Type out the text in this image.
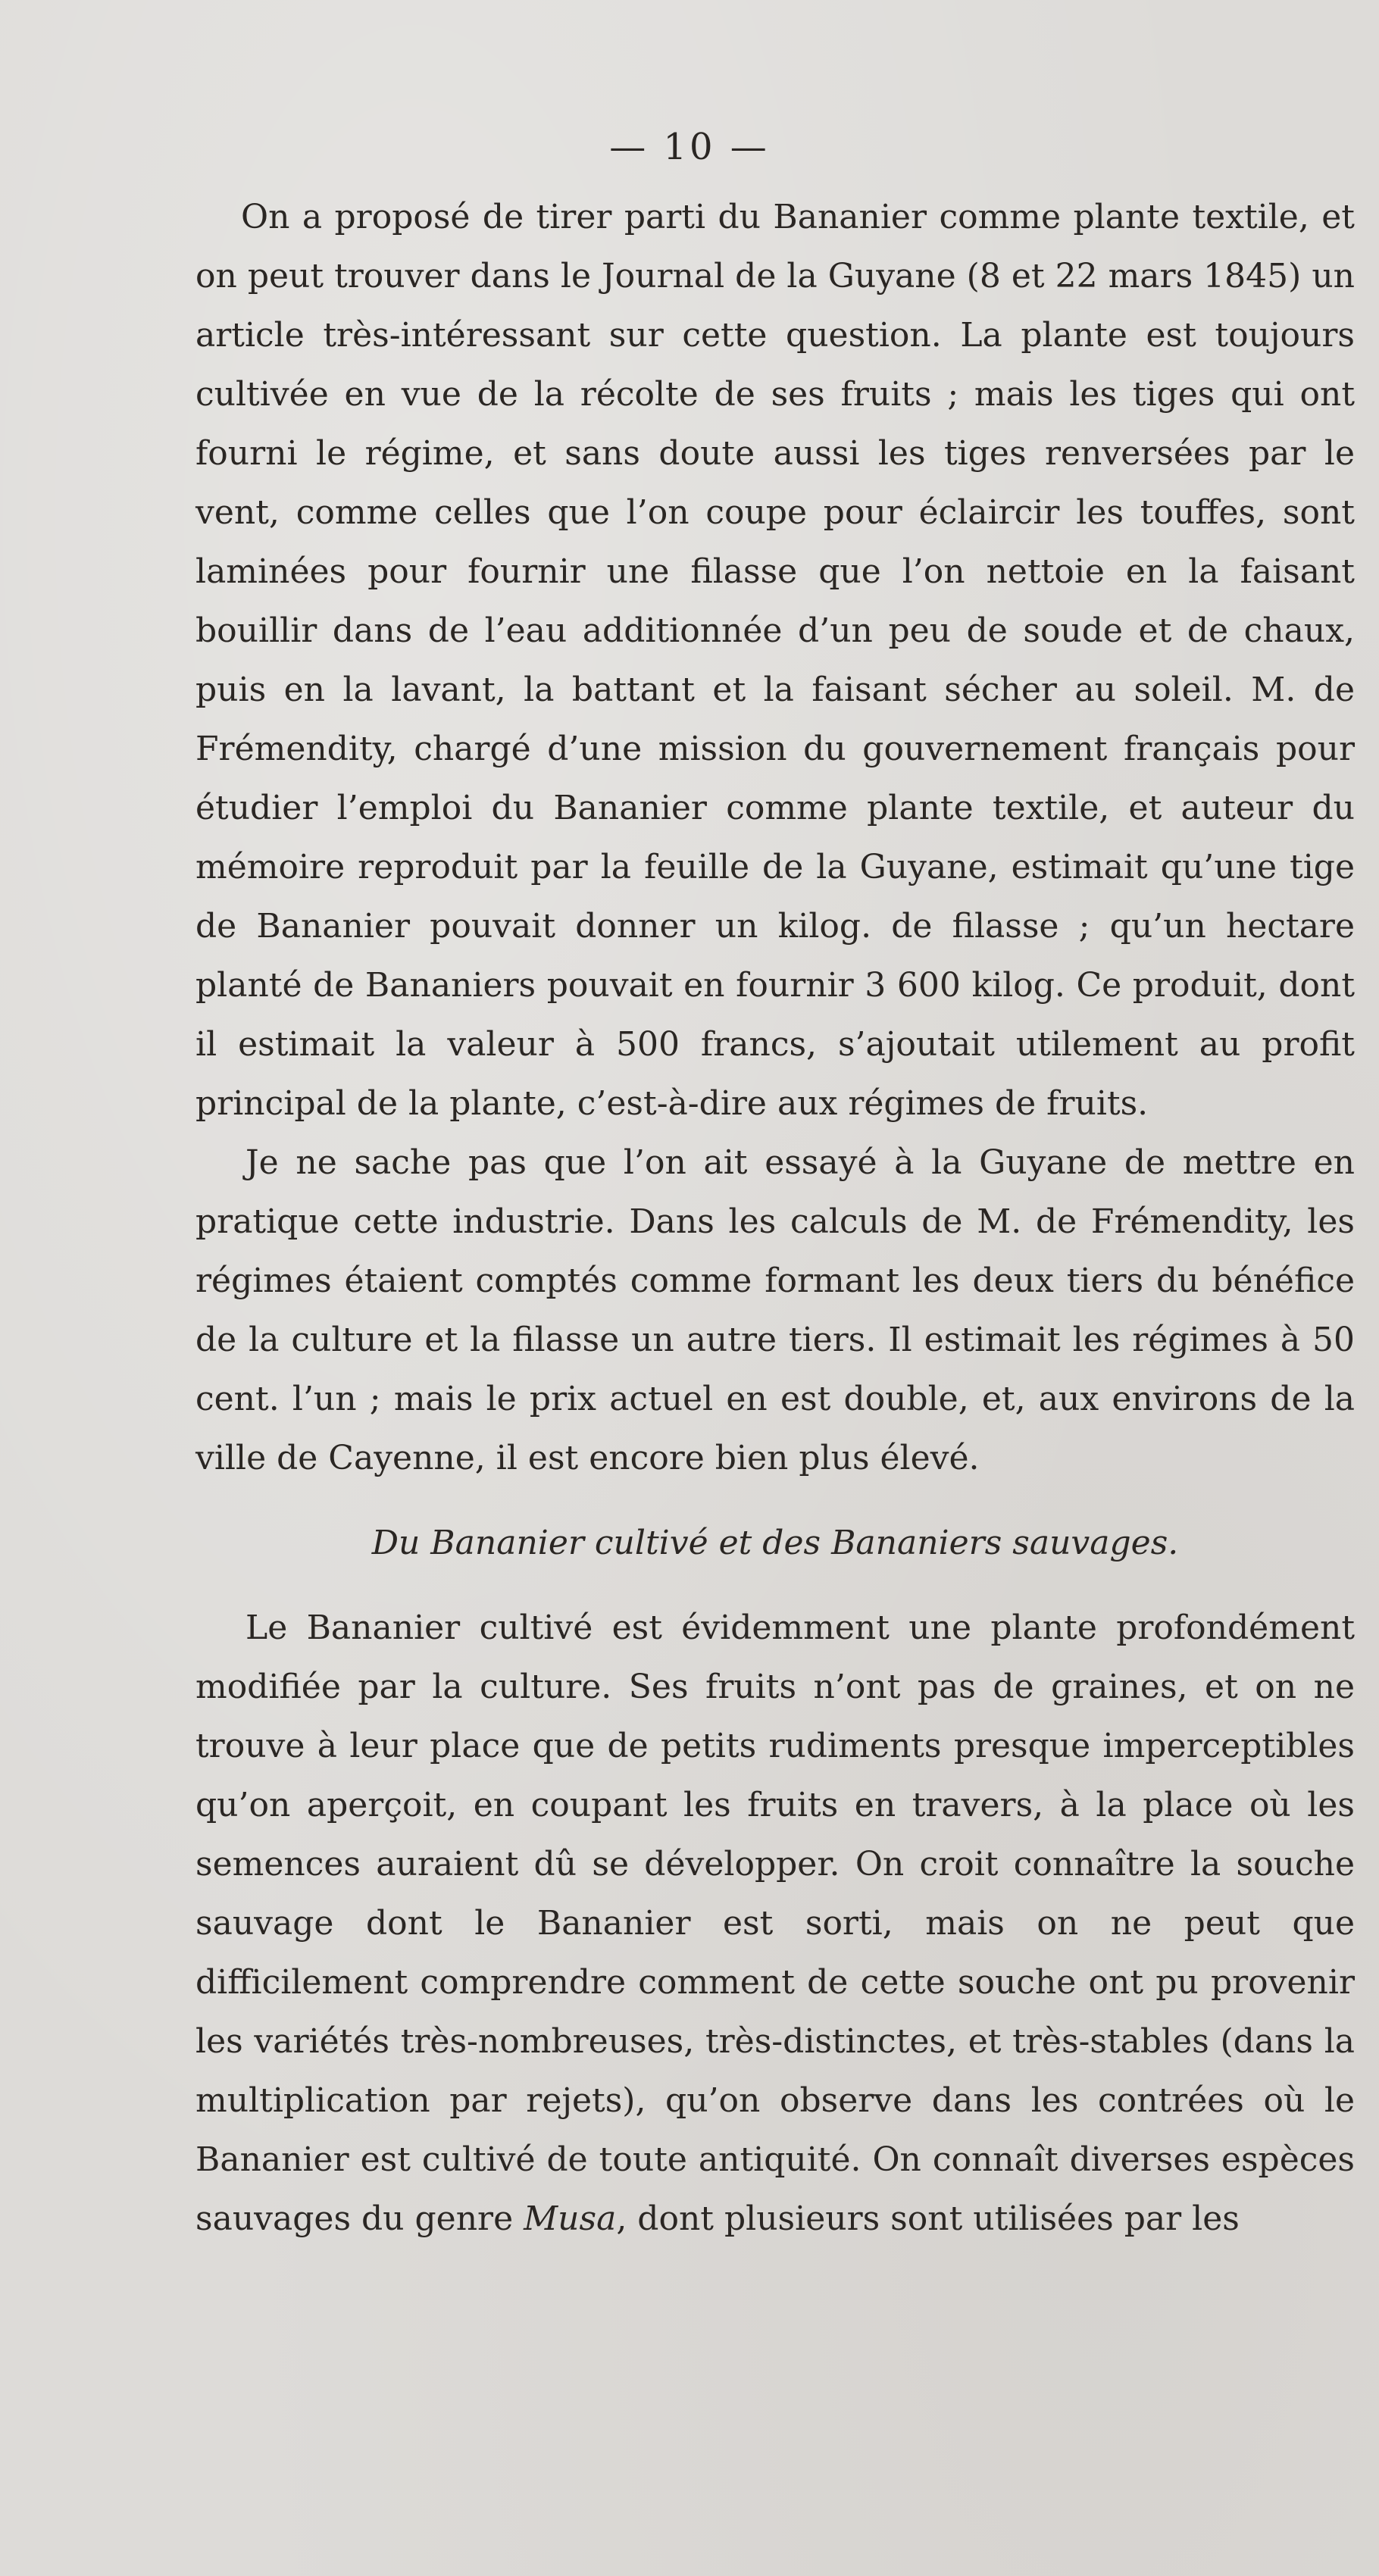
— 10 —

On a proposé de tirer parti du Bananier comme plante textile, et on peut trouver dans le Journal de la Guyane (8 et 22 mars 1845) un article très-intéressant sur cette question. La plante est toujours cultivée en vue de la récolte de ses fruits ; mais les tiges qui ont fourni le régime, et sans doute aussi les tiges renversées par le vent, comme celles que l’on coupe pour éclaircir les touffes, sont laminées pour fournir une filasse que l’on nettoie en la faisant bouillir dans de l’eau additionnée d’un peu de soude et de chaux, puis en la lavant, la battant et la faisant sécher au soleil. M. de Frémendity, chargé d’une mission du gouvernement français pour étudier l’emploi du Bananier comme plante textile, et auteur du mémoire reproduit par la feuille de la Guyane, estimait qu’une tige de Bananier pouvait donner un kilog. de filasse ; qu’un hectare planté de Bananiers pouvait en fournir 3 600 kilog. Ce produit, dont il estimait la valeur à 500 francs, s’ajoutait utilement au profit principal de la plante, c’est-à-dire aux régimes de fruits.

Je ne sache pas que l’on ait essayé à la Guyane de mettre en pratique cette industrie. Dans les calculs de M. de Frémendity, les régimes étaient comptés comme formant les deux tiers du bénéfice de la culture et la filasse un autre tiers. Il estimait les régimes à 50 cent. l’un ; mais le prix actuel en est double, et, aux environs de la ville de Cayenne, il est encore bien plus élevé.

Du Bananier cultivé et des Bananiers sauvages.

Le Bananier cultivé est évidemment une plante profondément modifiée par la culture. Ses fruits n’ont pas de graines, et on ne trouve à leur place que de petits rudiments presque imperceptibles qu’on aperçoit, en coupant les fruits en travers, à la place où les semences auraient dû se développer. On croit connaître la souche sauvage dont le Bananier est sorti, mais on ne peut que difficilement comprendre comment de cette souche ont pu provenir les variétés très-nombreuses, très-distinctes, et très-stables (dans la multiplication par rejets), qu’on observe dans les contrées où le Bananier est cultivé de toute antiquité. On connaît diverses espèces sauvages du genre Musa, dont plusieurs sont utilisées par les
